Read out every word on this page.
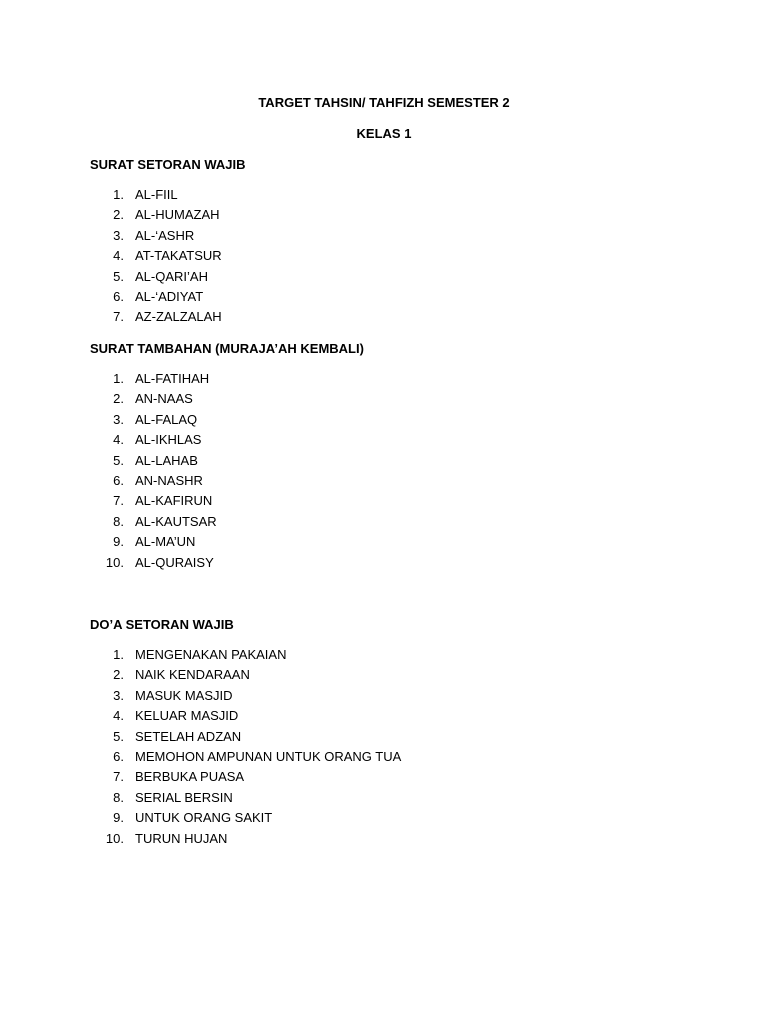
TARGET TAHSIN/ TAHFIZH SEMESTER 2
KELAS 1
SURAT SETORAN WAJIB
1. AL-FIIL
2. AL-HUMAZAH
3. AL-‘ASHR
4. AT-TAKATSUR
5. AL-QARI’AH
6. AL-‘ADIYAT
7. AZ-ZALZALAH
SURAT TAMBAHAN (MURAJA’AH KEMBALI)
1. AL-FATIHAH
2. AN-NAAS
3. AL-FALAQ
4. AL-IKHLAS
5. AL-LAHAB
6. AN-NASHR
7. AL-KAFIRUN
8. AL-KAUTSAR
9. AL-MA’UN
10. AL-QURAISY
DO’A SETORAN WAJIB
1. MENGENAKAN PAKAIAN
2. NAIK KENDARAAN
3. MASUK MASJID
4. KELUAR MASJID
5. SETELAH ADZAN
6. MEMOHON AMPUNAN UNTUK ORANG TUA
7. BERBUKA PUASA
8. SERIAL BERSIN
9. UNTUK ORANG SAKIT
10. TURUN HUJAN
